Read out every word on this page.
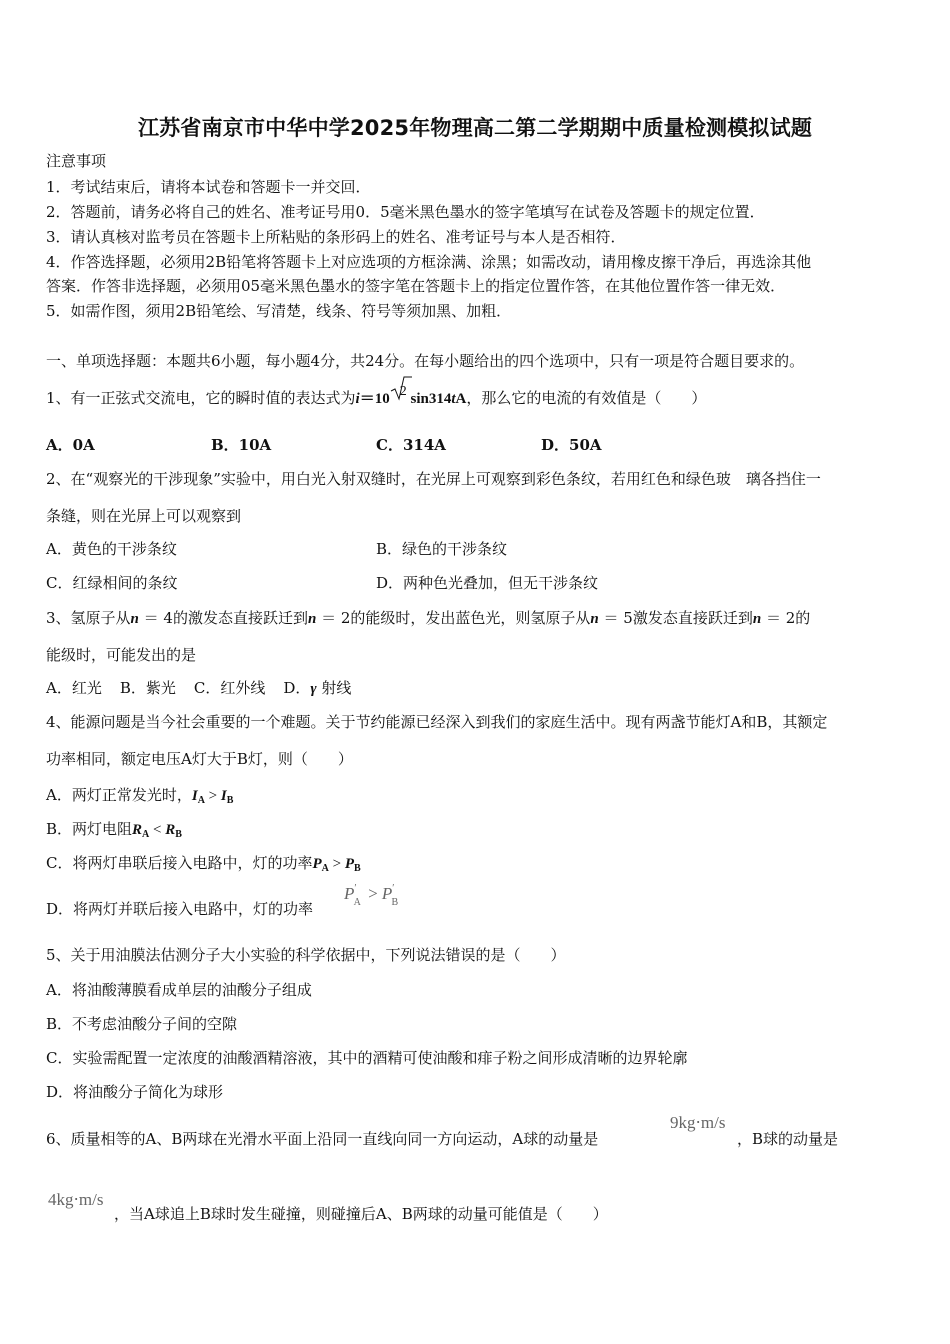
江苏省南京市中华中学2025年物理高二第二学期期中质量检测模拟试题
注意事项
1．考试结束后，请将本试卷和答题卡一并交回．
2．答题前，请务必将自己的姓名、准考证号用0．5毫米黑色墨水的签字笔填写在试卷及答题卡的规定位置．
3．请认真核对监考员在答题卡上所粘贴的条形码上的姓名、准考证号与本人是否相符．
4．作答选择题，必须用2B铅笔将答题卡上对应选项的方框涂满、涂黑；如需改动，请用橡皮擦干净后，再选涂其他
答案．作答非选择题，必须用05毫米黑色墨水的签字笔在答题卡上的指定位置作答，在其他位置作答一律无效．
5．如需作图，须用2B铅笔绘、写清楚，线条、符号等须加黑、加粗．
一、单项选择题：本题共6小题，每小题4分，共24分。在每小题给出的四个选项中，只有一项是符合题目要求的。
1、有一正弦式交流电，它的瞬时值的表达式为i＝10 2 sin314tA，那么它的电流的有效值是（　　）
A．0A	B．10A	C．314A	D．50A
2、在“观察光的干涉现象”实验中，用白光入射双缝时，在光屏上可观察到彩色条纹，若用红色和绿色玻　璃各挡住一
条缝，则在光屏上可以观察到
A．黄色的干涉条纹	B．绿色的干涉条纹
C．红绿相间的条纹	D．两种色光叠加，但无干涉条纹
3、氢原子从n ＝ 4的激发态直接跃迁到n ＝ 2的能级时，发出蓝色光，则氢原子从n ＝ 5激发态直接跃迁到n ＝ 2的
能级时，可能发出的是
A．红光 B．紫光 C．红外线 D．γ 射线
4、能源问题是当今社会重要的一个难题。关于节约能源已经深入到我们的家庭生活中。现有两盏节能灯A和B，其额定
功率相同，额定电压A灯大于B灯，则（　　）
A．两灯正常发光时，$I_A > I_B$
B．两灯电阻$R_A < R_B$
C．将两灯串联后接入电路中，灯的功率$P_A > P_B$
D．将两灯并联后接入电路中，灯的功率
$P'_A > P'_B$
5、关于用油膜法估测分子大小实验的科学依据中，下列说法错误的是（　　）
A．将油酸薄膜看成单层的油酸分子组成
B．不考虑油酸分子间的空隙
C．实验需配置一定浓度的油酸酒精溶液，其中的酒精可使油酸和痱子粉之间形成清晰的边界轮廓
D．将油酸分子简化为球形
6、质量相等的A、B两球在光滑水平面上沿同一直线向同一方向运动，A球的动量是
9kg⋅m/s
，B球的动量是
4kg⋅m/s
，当A球追上B球时发生碰撞，则碰撞后A、B两球的动量可能值是（　　）
